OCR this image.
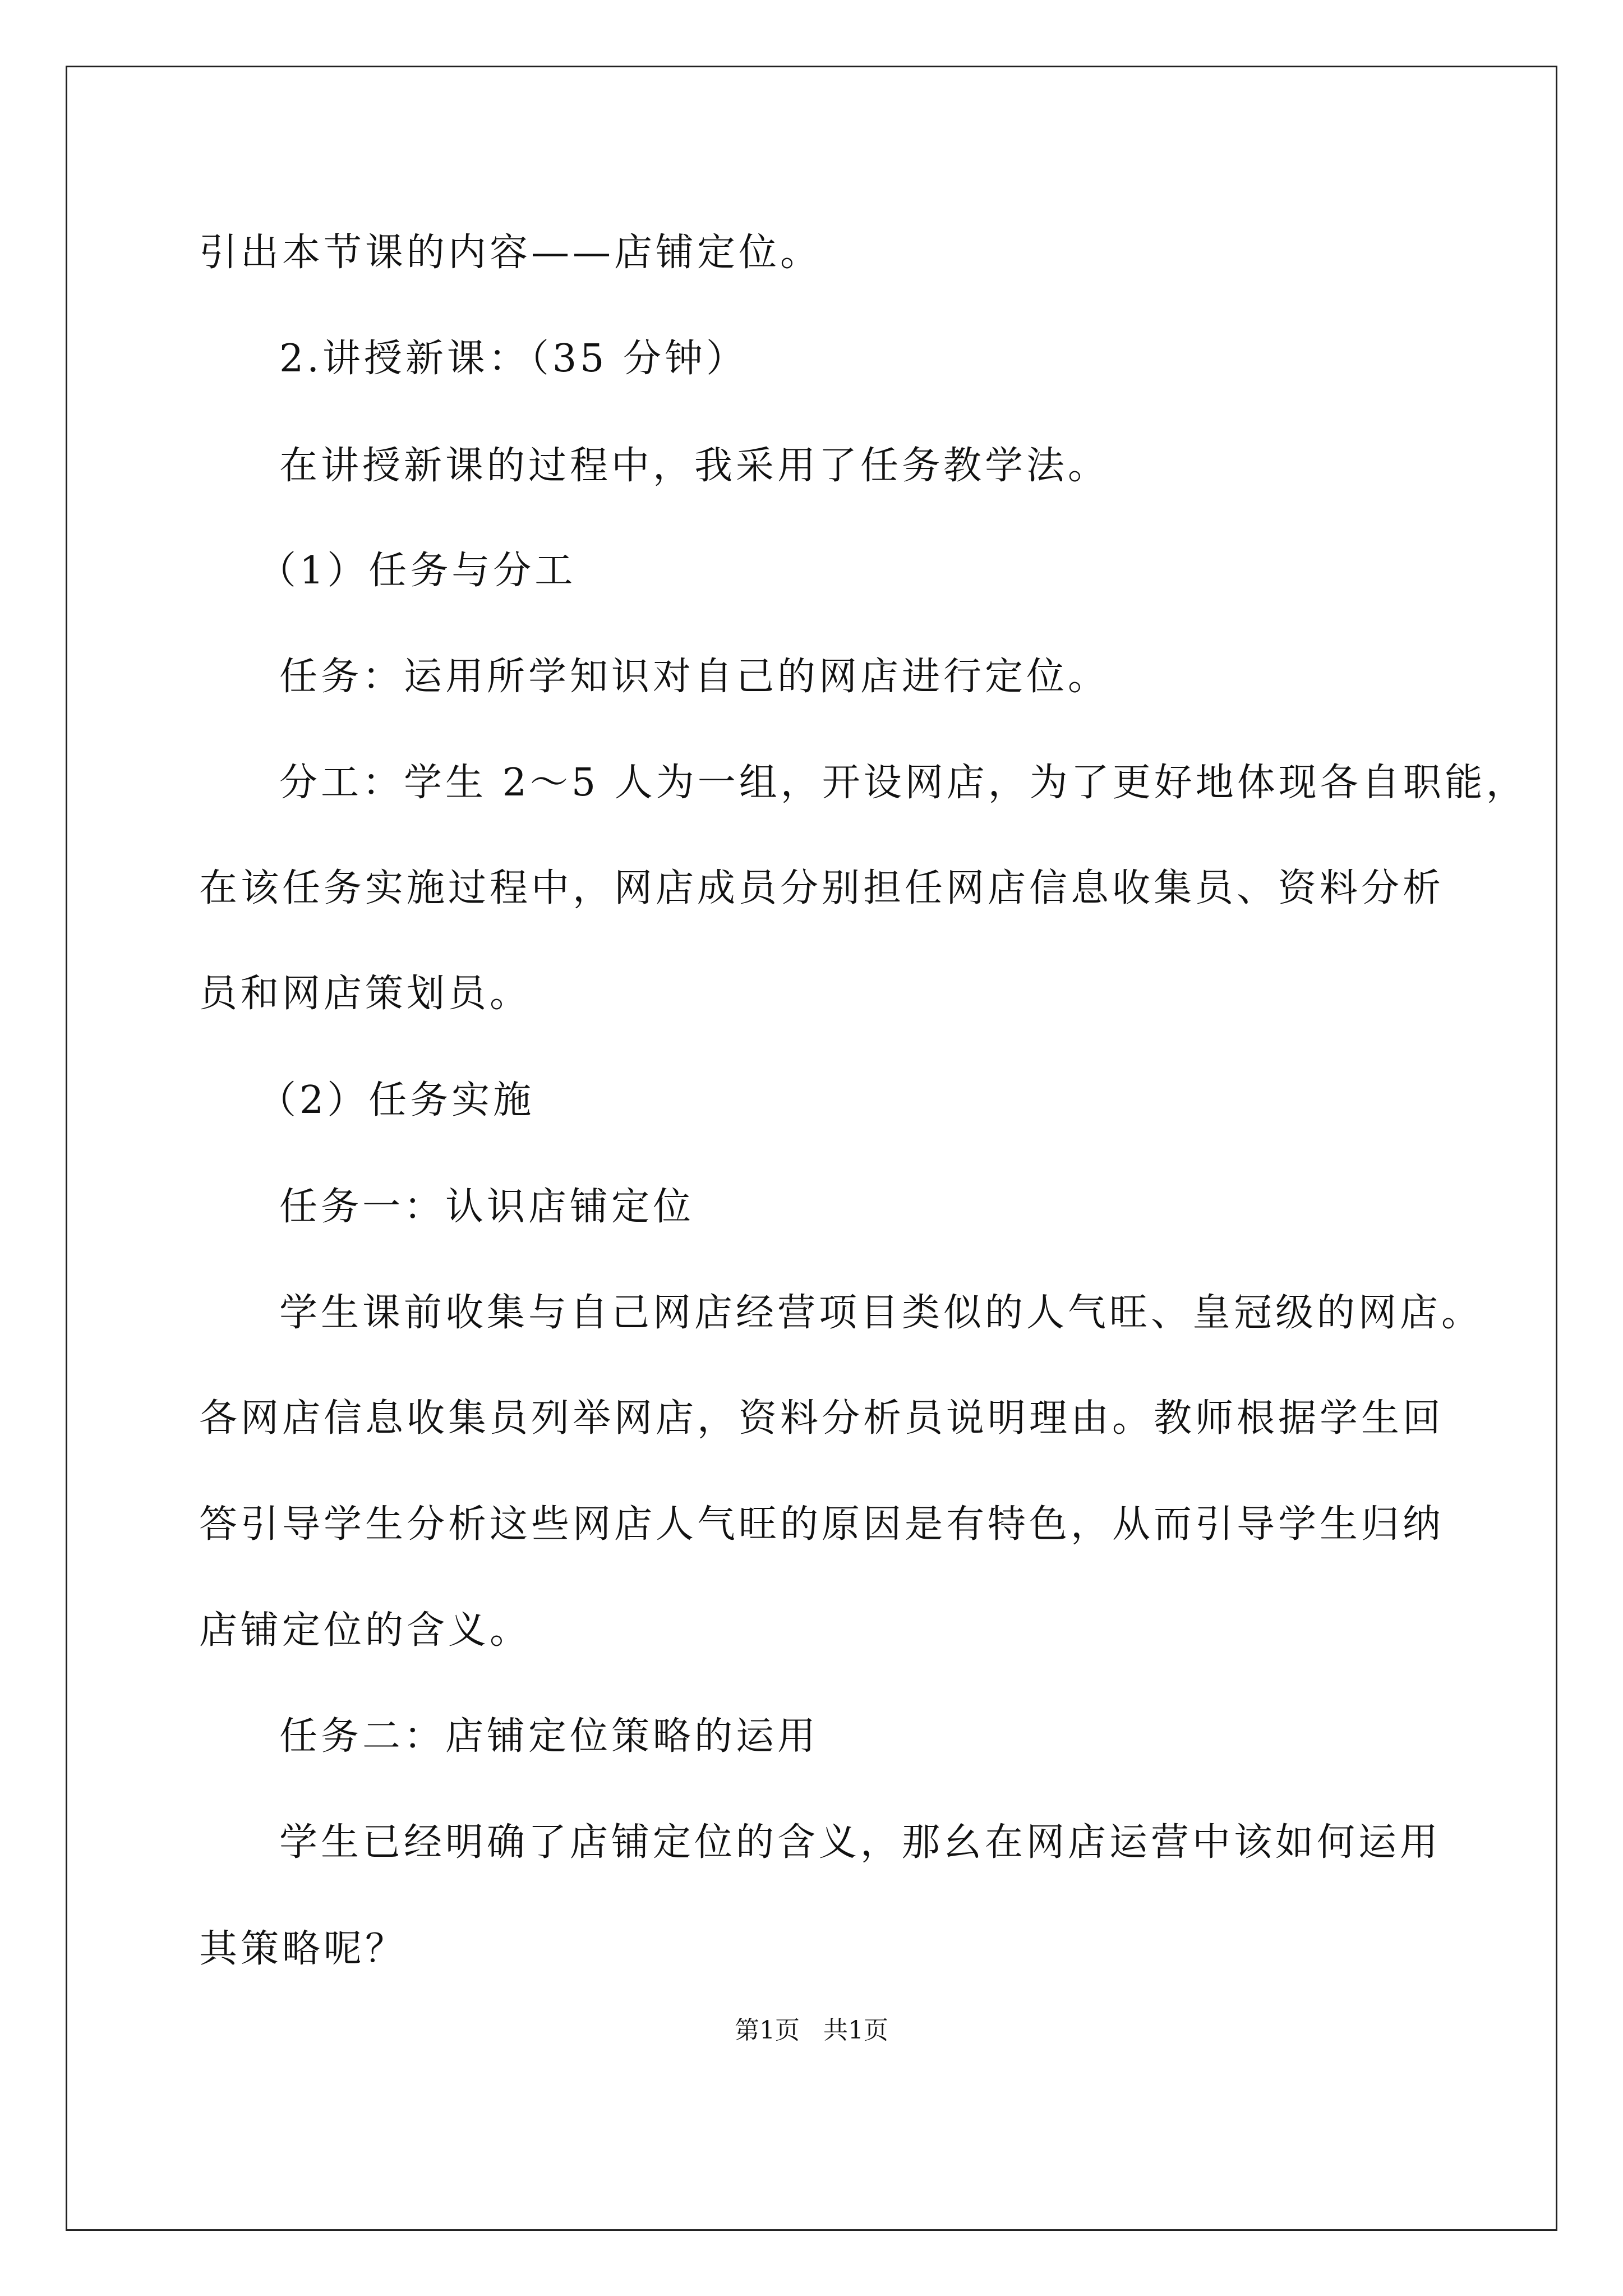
引出本节课的内容——店铺定位。

2.讲授新课：（35 分钟）

在讲授新课的过程中，我采用了任务教学法。

（1）任务与分工

任务：运用所学知识对自己的网店进行定位。

分工：学生 2～5 人为一组，开设网店，为了更好地体现各自职能，

在该任务实施过程中，网店成员分别担任网店信息收集员、资料分析

员和网店策划员。

（2）任务实施

任务一：认识店铺定位

学生课前收集与自己网店经营项目类似的人气旺、皇冠级的网店。

各网店信息收集员列举网店，资料分析员说明理由。教师根据学生回

答引导学生分析这些网店人气旺的原因是有特色，从而引导学生归纳

店铺定位的含义。

任务二：店铺定位策略的运用

学生已经明确了店铺定位的含义，那幺在网店运营中该如何运用

其策略呢？

第1页   共1页
